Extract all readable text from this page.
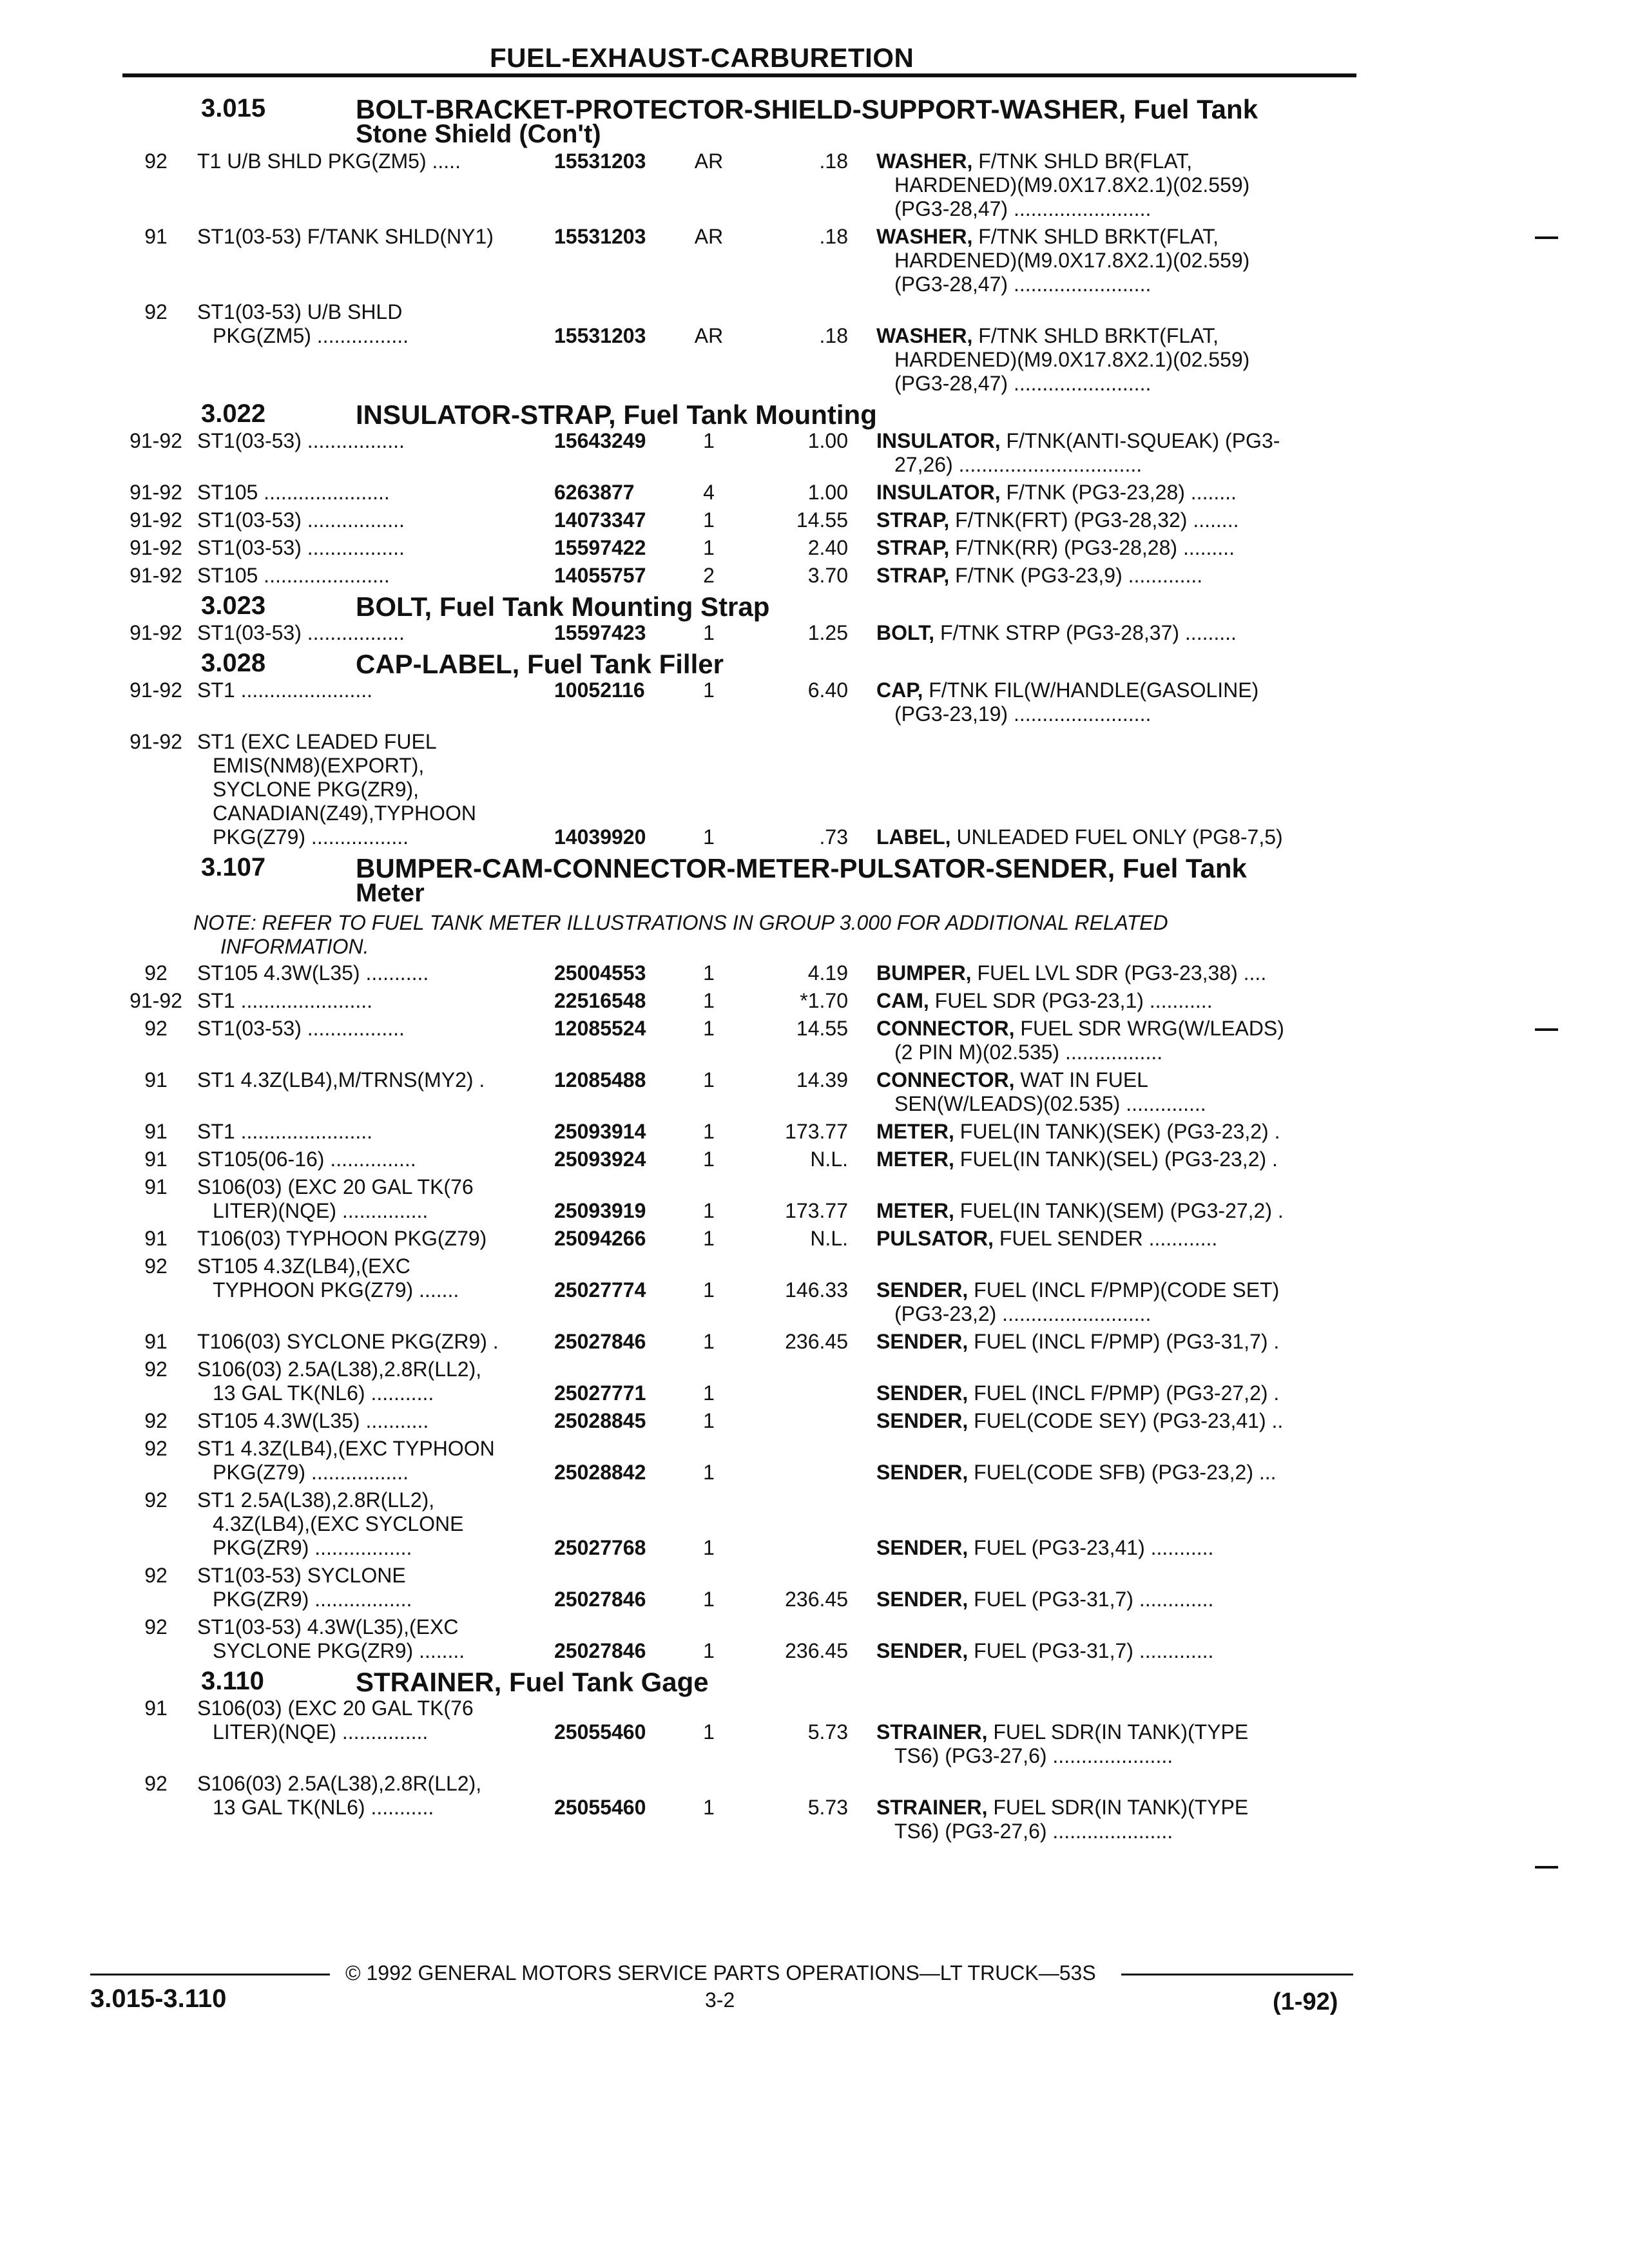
FUEL-EXHAUST-CARBURETION
3.015	BOLT-BRACKET-PROTECTOR-SHIELD-SUPPORT-WASHER, Fuel Tank
Stone Shield (Con't)
92	T1 U/B SHLD PKG(ZM5) .....	15531203	AR	.18 WASHER, F/TNK SHLD BR(FLAT,
HARDENED)(M9.0X17.8X2.1)(02.559)
(PG3-28,47) ........................
91	ST1(03-53) F/TANK SHLD(NY1)	15531203	AR	.18 WASHER, F/TNK SHLD BRKT(FLAT,
HARDENED)(M9.0X17.8X2.1)(02.559)
(PG3-28,47) ........................
92	ST1(03-53) U/B SHLD
PKG(ZM5) ................	15531203	AR	.18 WASHER, F/TNK SHLD BRKT(FLAT,
HARDENED)(M9.0X17.8X2.1)(02.559)
(PG3-28,47) ........................
3.022	INSULATOR-STRAP, Fuel Tank Mounting
91-92 ST1(03-53) .................	15643249	1	1.00 INSULATOR, F/TNK(ANTI-SQUEAK) (PG3-
27,26) ................................
91-92 ST105 ......................	6263877	4	1.00 INSULATOR, F/TNK (PG3-23,28) ........
91-92 ST1(03-53) .................	14073347	1	14.55 STRAP, F/TNK(FRT) (PG3-28,32) ........
91-92 ST1(03-53) .................	15597422	1	2.40 STRAP, F/TNK(RR) (PG3-28,28) .........
91-92 ST105 ......................	14055757	2	3.70 STRAP, F/TNK (PG3-23,9) .............
3.023	BOLT, Fuel Tank Mounting Strap
91-92 ST1(03-53) .................	15597423	1	1.25 BOLT, F/TNK STRP (PG3-28,37) .........
3.028	CAP-LABEL, Fuel Tank Filler
91-92 ST1 .......................	10052116	1	6.40 CAP, F/TNK FIL(W/HANDLE(GASOLINE)
(PG3-23,19) ........................
91-92 ST1 (EXC LEADED FUEL
EMIS(NM8)(EXPORT),
SYCLONE PKG(ZR9),
CANADIAN(Z49),TYPHOON
PKG(Z79) .................	14039920	1	.73 LABEL, UNLEADED FUEL ONLY (PG8-7,5)
3.107	BUMPER-CAM-CONNECTOR-METER-PULSATOR-SENDER, Fuel Tank
Meter
NOTE: REFER TO FUEL TANK METER ILLUSTRATIONS IN GROUP 3.000 FOR ADDITIONAL RELATED
INFORMATION.
92	ST105 4.3W(L35) ...........	25004553	1	4.19 BUMPER, FUEL LVL SDR (PG3-23,38) ....
91-92 ST1 .......................	22516548	1	*1.70 CAM, FUEL SDR (PG3-23,1) ...........
92	ST1(03-53) .................	12085524	1	14.55 CONNECTOR, FUEL SDR WRG(W/LEADS)
(2 PIN M)(02.535) .................
91	ST1 4.3Z(LB4),M/TRNS(MY2) .	12085488	1	14.39 CONNECTOR, WAT IN FUEL
SEN(W/LEADS)(02.535) ..............
91	ST1 .......................	25093914	1	173.77 METER, FUEL(IN TANK)(SEK) (PG3-23,2) .
91	ST105(06-16) ...............	25093924	1	N.L. METER, FUEL(IN TANK)(SEL) (PG3-23,2) .
91	S106(03) (EXC 20 GAL TK(76
LITER)(NQE) ...............	25093919	1	173.77 METER, FUEL(IN TANK)(SEM) (PG3-27,2) .
91	T106(03) TYPHOON PKG(Z79)	25094266	1	N.L. PULSATOR, FUEL SENDER ............
92	ST105 4.3Z(LB4),(EXC
TYPHOON PKG(Z79) .......	25027774	1	146.33 SENDER, FUEL (INCL F/PMP)(CODE SET)
(PG3-23,2) ..........................
91	T106(03) SYCLONE PKG(ZR9) .	25027846	1	236.45 SENDER, FUEL (INCL F/PMP) (PG3-31,7) .
92	S106(03) 2.5A(L38),2.8R(LL2),
13 GAL TK(NL6) ...........	25027771	1	SENDER, FUEL (INCL F/PMP) (PG3-27,2) .
92	ST105 4.3W(L35) ...........	25028845	1	SENDER, FUEL(CODE SEY) (PG3-23,41) ..
92	ST1 4.3Z(LB4),(EXC TYPHOON
PKG(Z79) .................	25028842	1	SENDER, FUEL(CODE SFB) (PG3-23,2) ...
92	ST1 2.5A(L38),2.8R(LL2),
4.3Z(LB4),(EXC SYCLONE
PKG(ZR9) .................	25027768	1	SENDER, FUEL (PG3-23,41) ...........
92	ST1(03-53) SYCLONE
PKG(ZR9) .................	25027846	1	236.45 SENDER, FUEL (PG3-31,7) .............
92	ST1(03-53) 4.3W(L35),(EXC
SYCLONE PKG(ZR9) ........	25027846	1	236.45 SENDER, FUEL (PG3-31,7) .............
3.110	STRAINER, Fuel Tank Gage
91	S106(03) (EXC 20 GAL TK(76
LITER)(NQE) ...............	25055460	1	5.73 STRAINER, FUEL SDR(IN TANK)(TYPE
TS6) (PG3-27,6) .....................
92	S106(03) 2.5A(L38),2.8R(LL2),
13 GAL TK(NL6) ...........	25055460	1	5.73 STRAINER, FUEL SDR(IN TANK)(TYPE
TS6) (PG3-27,6) .....................
© 1992 GENERAL MOTORS SERVICE PARTS OPERATIONS—LT TRUCK—53S
3.015-3.110	3-2	(1-92)
